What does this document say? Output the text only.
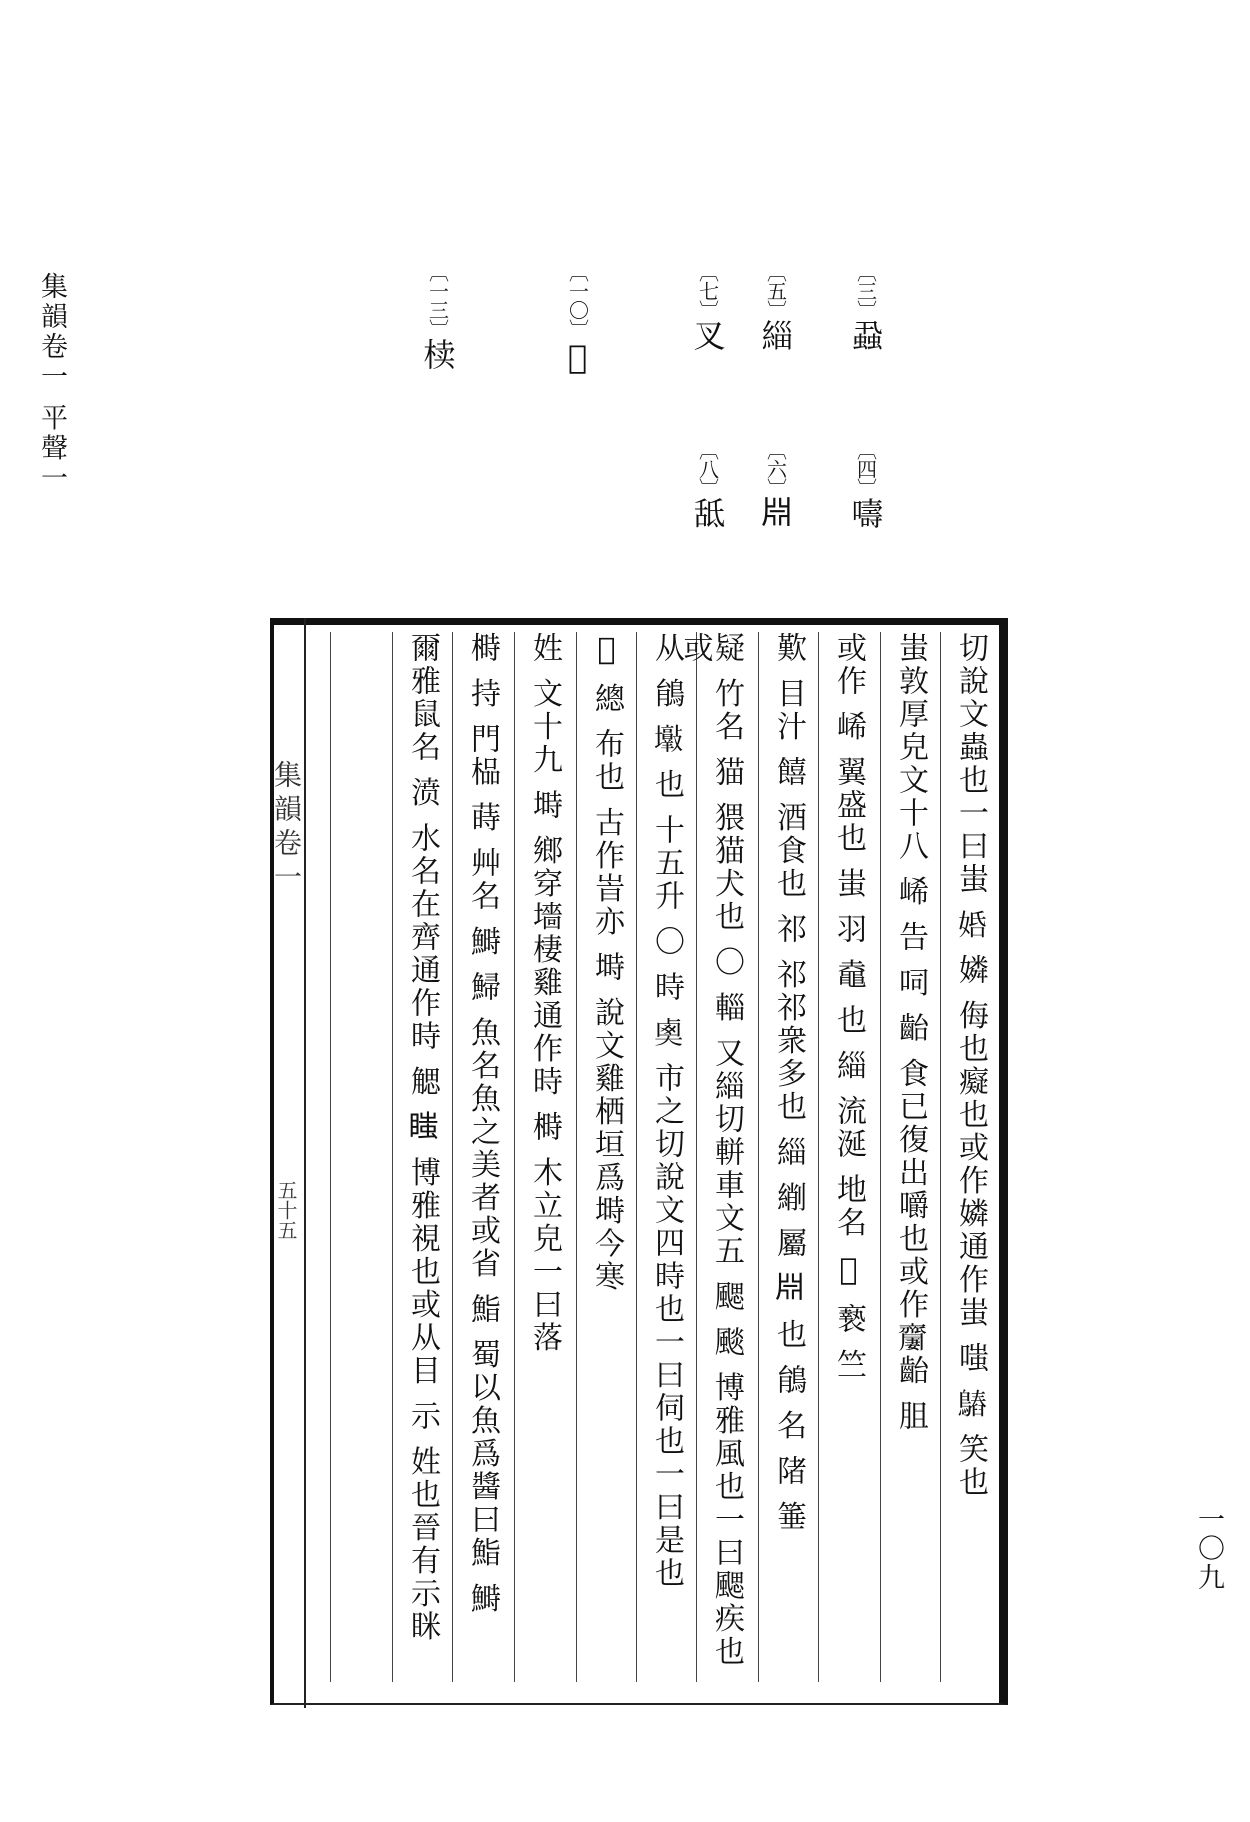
集韻卷一 平聲一
一〇九
〔三〕蝨
〔四〕嚋
〔五〕緇
〔六〕𣶒
〔七〕叉
〔八〕䑛
〔一〇〕𦬒
〔一三〕椟
集韻卷一
五十五	切說文蟲也一曰蚩 𡜶 嫾 侮也癡也或作嫾通作蚩 嗤 𪄻 笑也
蚩敦厚皃文十八 㟓 告 呞 齝 食已復出嚼也或作𪗍齝 䏣
或作 㟓 翼盛也 蚩 羽 鼀 也 緇 流涎 地名 𦬒 䙝 竺
歎 目汁 饎 酒食也 祁 祁祁衆多也 緇 䌃 屬 𣶒 也 䳌 名 陼 箠
疑 竹名 猫 猥猫犬也 〇 輜 又緇切軿車文五 颸 颷 博雅風也一曰颸疾也或
从 䳌 𡔋 也 十五升 〇 時 𡙏 市之切說文四時也一曰伺也一曰是也
𪉹 總 布也 古作峕亦 塒 說文雞栖垣爲塒今寒
姓 文十九 塒 鄉穿墻棲雞通作時 榯 木立皃一曰落
榯 持 門榀 蒔 艸名 鰣 鯞 魚名魚之美者或省 鮨 蜀以魚爲醬曰鮨 鰣
爾雅鼠名 𣸣 水名在齊通作時 䚡 𥉍 博雅視也或从目 示 姓也晉有示眯
